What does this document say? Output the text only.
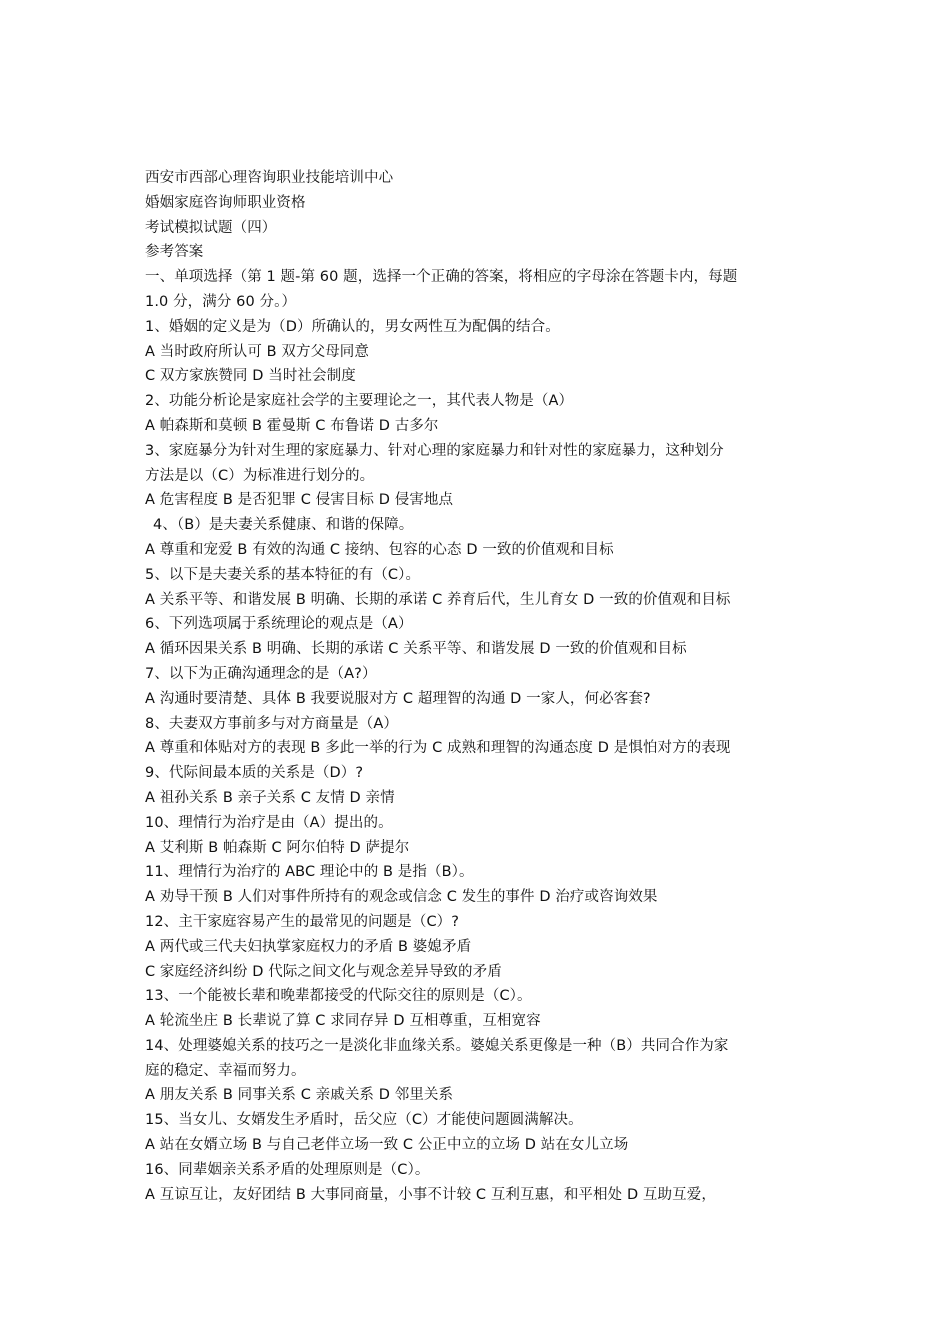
西安市西部心理咨询职业技能培训中心
婚姻家庭咨询师职业资格
考试模拟试题（四）
参考答案
一、单项选择（第 1 题-第 60 题，选择一个正确的答案，将相应的字母涂在答题卡内，每题
1.0 分，满分 60 分。）
1、婚姻的定义是为（D）所确认的，男女两性互为配偶的结合。
A 当时政府所认可 B 双方父母同意
C 双方家族赞同 D 当时社会制度
2、功能分析论是家庭社会学的主要理论之一，其代表人物是（A）
A 帕森斯和莫顿 B 霍曼斯 C 布鲁诺 D 古多尔
3、家庭暴分为针对生理的家庭暴力、针对心理的家庭暴力和针对性的家庭暴力，这种划分
方法是以（C）为标准进行划分的。
A 危害程度 B 是否犯罪 C 侵害目标 D 侵害地点
4、（B）是夫妻关系健康、和谐的保障。
A 尊重和宠爱 B 有效的沟通 C 接纳、包容的心态 D 一致的价值观和目标
5、以下是夫妻关系的基本特征的有（C）。
A 关系平等、和谐发展 B 明确、长期的承诺 C 养育后代，生儿育女 D 一致的价值观和目标
6、下列选项属于系统理论的观点是（A）
A 循环因果关系 B 明确、长期的承诺 C 关系平等、和谐发展 D 一致的价值观和目标
7、以下为正确沟通理念的是（A?）
A 沟通时要清楚、具体 B 我要说服对方 C 超理智的沟通 D 一家人，何必客套?
8、夫妻双方事前多与对方商量是（A）
A 尊重和体贴对方的表现 B 多此一举的行为 C 成熟和理智的沟通态度 D 是惧怕对方的表现
9、代际间最本质的关系是（D）?
A 祖孙关系 B 亲子关系 C 友情 D 亲情
10、理情行为治疗是由（A）提出的。
A 艾利斯 B 帕森斯 C 阿尔伯特 D 萨提尔
11、理情行为治疗的 ABC 理论中的 B 是指（B）。
A 劝导干预 B 人们对事件所持有的观念或信念 C 发生的事件 D 治疗或咨询效果
12、主干家庭容易产生的最常见的问题是（C）?
A 两代或三代夫妇执掌家庭权力的矛盾 B 婆媳矛盾
C 家庭经济纠纷 D 代际之间文化与观念差异导致的矛盾
13、一个能被长辈和晚辈都接受的代际交往的原则是（C）。
A 轮流坐庄 B 长辈说了算 C 求同存异 D 互相尊重，互相宽容
14、处理婆媳关系的技巧之一是淡化非血缘关系。婆媳关系更像是一种（B）共同合作为家
庭的稳定、幸福而努力。
A 朋友关系 B 同事关系 C 亲戚关系 D 邻里关系
15、当女儿、女婿发生矛盾时，岳父应（C）才能使问题圆满解决。
A 站在女婿立场 B 与自己老伴立场一致 C 公正中立的立场 D 站在女儿立场
16、同辈姻亲关系矛盾的处理原则是（C）。
A 互谅互让，友好团结 B 大事同商量，小事不计较 C 互利互惠，和平相处 D 互助互爱，
